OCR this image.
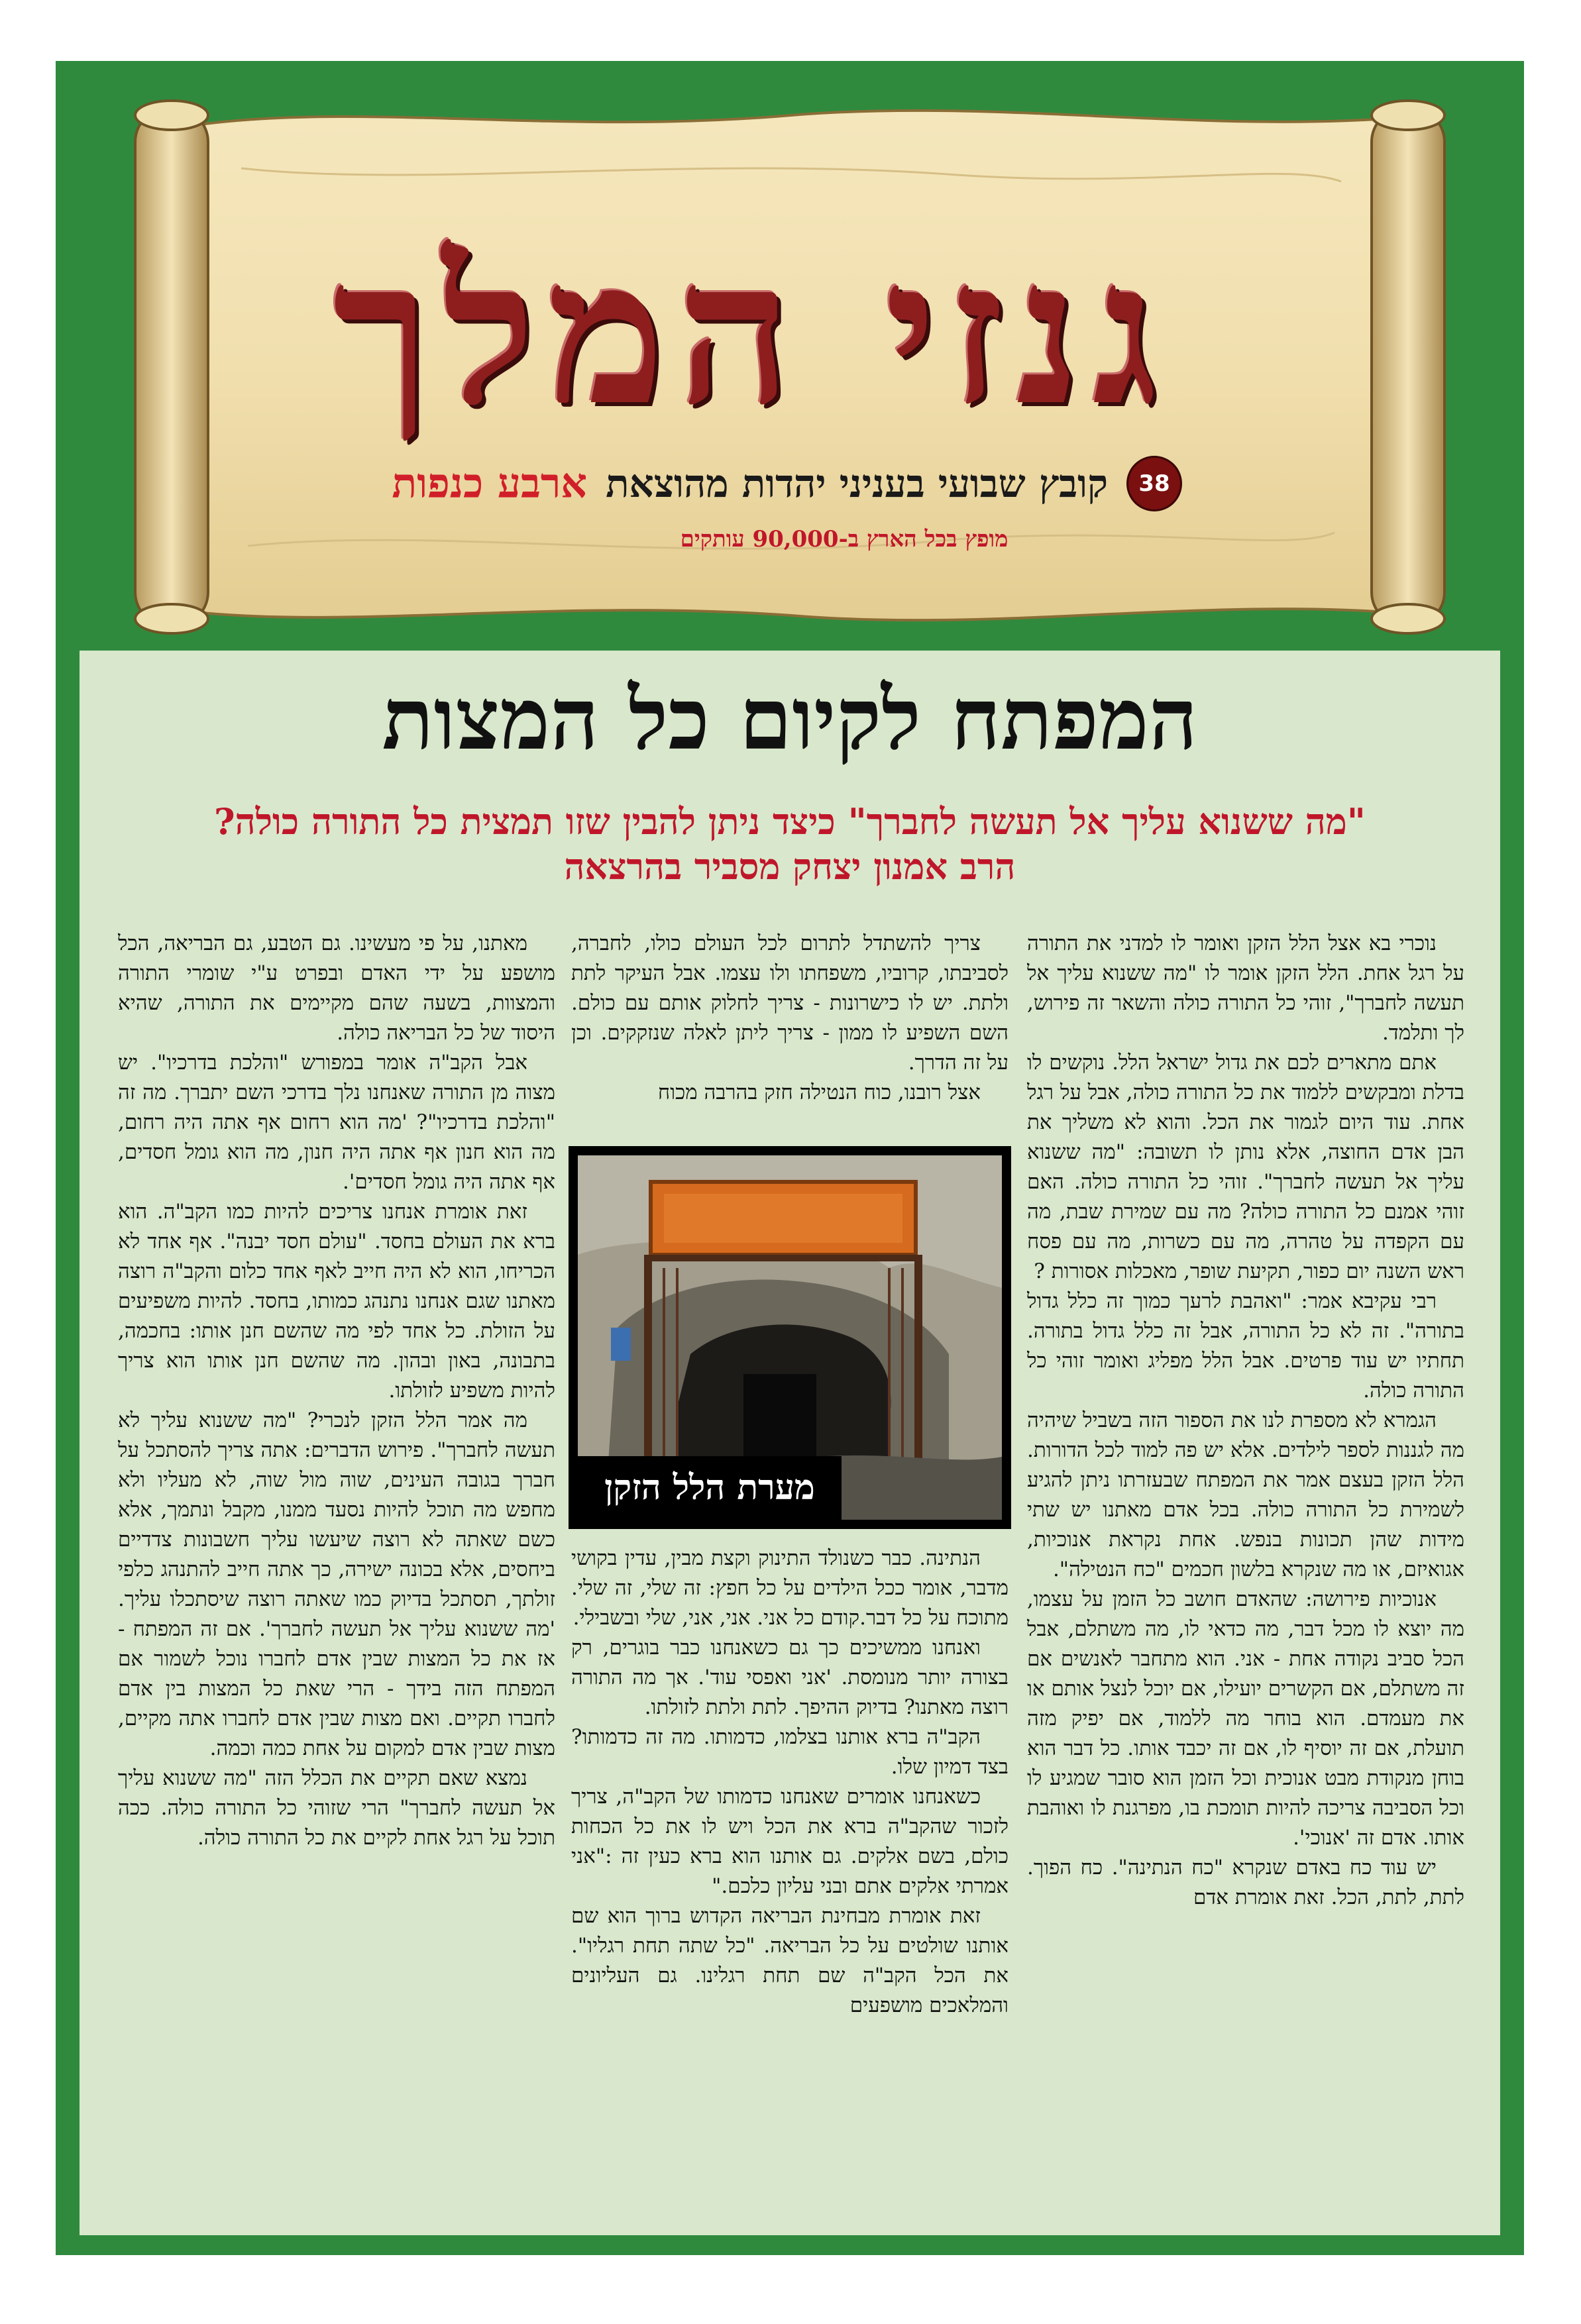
גנזי המלך
38
קובץ שבועי בעניני יהדות מהוצאת
ארבע כנפות
מופץ בכל הארץ ב-90,000 עותקים
המפתח לקיום כל המצות
"מה ששנוא עליך אל תעשה לחברך" כיצד ניתן להבין שזו תמצית כל התורה כולה?
הרב אמנון יצחק מסביר בהרצאה

נוכרי בא אצל הלל הזקן ואומר לו למדני את התורה על רגל אחת. הלל הזקן אומר לו "מה ששנוא עליך אל תעשה לחברך", זוהי כל התורה כולה והשאר זה פירוש, לך ותלמד.

אתם מתארים לכם את גדול ישראל הלל. נוקשים לו בדלת ומבקשים ללמוד את כל התורה כולה, אבל על רגל אחת. עוד היום לגמור את הכל. והוא לא משליך את הבן אדם החוצה, אלא נותן לו תשובה: "מה ששנוא עליך אל תעשה לחברך". זוהי כל התורה כולה. האם זוהי אמנם כל התורה כולה? מה עם שמירת שבת, מה עם הקפדה על טהרה, מה עם כשרות, מה עם פסח ראש השנה יום כפור, תקיעת שופר, מאכלות אסורות ?

רבי עקיבא אמר: "ואהבת לרעך כמוך זה כלל גדול בתורה". זה לא כל התורה, אבל זה כלל גדול בתורה. תחתיו יש עוד פרטים. אבל הלל מפליג ואומר זוהי כל התורה כולה.

הגמרא לא מספרת לנו את הספור הזה בשביל שיהיה מה לגננות לספר לילדים. אלא יש פה למוד לכל הדורות. הלל הזקן בעצם אמר את המפתח שבעזרתו ניתן להגיע לשמירת כל התורה כולה. בכל אדם מאתנו יש שתי מידות שהן תכונות בנפש. אחת נקראת אנוכיות, אגואיזם, או מה שנקרא בלשון חכמים "כח הנטילה".

אנוכיות פירושה: שהאדם חושב כל הזמן על עצמו, מה יוצא לו מכל דבר, מה כדאי לו, מה משתלם, אבל הכל סביב נקודה אחת - אני. הוא מתחבר לאנשים אם זה משתלם, אם הקשרים יועילו, אם יוכל לנצל אותם או את מעמדם. הוא בוחר מה ללמוד, אם יפיק מזה תועלת, אם זה יוסיף לו, אם זה יכבד אותו. כל דבר הוא בוחן מנקודת מבט אנוכית וכל הזמן הוא סובר שמגיע לו וכל הסביבה צריכה להיות תומכת בו, מפרגנת לו ואוהבת אותו. אדם זה 'אנוכי'.

יש עוד כח באדם שנקרא "כח הנתינה". כח הפוך. לתת, לתת, הכל. זאת אומרת אדם

צריך להשתדל לתרום לכל העולם כולו, לחברה, לסביבתו, קרוביו, משפחתו ולו עצמו. אבל העיקר לתת ולתת. יש לו כישרונות - צריך לחלוק אותם עם כולם. השם השפיע לו ממון - צריך ליתן לאלה שנזקקים. וכן על זה הדרך.

אצל רובנו, כוח הנטילה חזק בהרבה מכוח

מערת הלל הזקן

הנתינה. כבר כשנולד התינוק וקצת מבין, עדין בקושי מדבר, אומר ככל הילדים על כל חפץ: זה שלי, זה שלי. מתוכח על כל דבר.קודם כל אני. אני, אני, שלי ובשבילי.

ואנחנו ממשיכים כך גם כשאנחנו כבר בוגרים, רק בצורה יותר מנומסת. 'אני ואפסי עוד'. אך מה התורה רוצה מאתנו? בדיוק ההיפך. לתת ולתת לזולתו.

הקב"ה ברא אותנו בצלמו, כדמותו. מה זה כדמותו? בצד דמיון שלו.

כשאנחנו אומרים שאנחנו כדמותו של הקב"ה, צריך לזכור שהקב"ה ברא את הכל ויש לו את כל הכחות כולם, בשם אלקים. גם אותנו הוא ברא כעין זה :"אני אמרתי אלקים אתם ובני עליון כלכם."

זאת אומרת מבחינת הבריאה הקדוש ברוך הוא שם אותנו שולטים על כל הבריאה. "כל שתה תחת רגליו". את הכל הקב"ה שם תחת רגלינו. גם העליונים והמלאכים מושפעים

מאתנו, על פי מעשינו. גם הטבע, גם הבריאה, הכל מושפע על ידי האדם ובפרט ע"י שומרי התורה והמצוות, בשעה שהם מקיימים את התורה, שהיא היסוד של כל הבריאה כולה.

אבל הקב"ה אומר במפורש "והלכת בדרכיו". יש מצוה מן התורה שאנחנו נלך בדרכי השם יתברך. מה זה "והלכת בדרכיו"? 'מה הוא רחום אף אתה היה רחום, מה הוא חנון אף אתה היה חנון, מה הוא גומל חסדים, אף אתה היה גומל חסדים'.

זאת אומרת אנחנו צריכים להיות כמו הקב"ה. הוא ברא את העולם בחסד. "עולם חסד יבנה". אף אחד לא הכריחו, הוא לא היה חייב לאף אחד כלום והקב"ה רוצה מאתנו שגם אנחנו נתנהג כמותו, בחסד. להיות משפיעים על הזולת. כל אחד לפי מה שהשם חנן אותו: בחכמה, בתבונה, באון ובהון. מה שהשם חנן אותו הוא צריך להיות משפיע לזולתו.

מה אמר הלל הזקן לנכרי? "מה ששנוא עליך לא תעשה לחברך". פירוש הדברים: אתה צריך להסתכל על חברך בגובה העינים, שוה מול שוה, לא מעליו ולא מחפש מה תוכל להיות נסעד ממנו, מקבל ונתמך, אלא כשם שאתה לא רוצה שיעשו עליך חשבונות צדדיים ביחסים, אלא בכונה ישירה, כך אתה חייב להתנהג כלפי זולתך, תסתכל בדיוק כמו שאתה רוצה שיסתכלו עליך. 'מה ששנוא עליך אל תעשה לחברך'. אם זה המפתח - אז את כל המצות שבין אדם לחברו נוכל לשמור אם המפתח הזה בידך - הרי שאת כל המצות בין אדם לחברו תקיים. ואם מצות שבין אדם לחברו אתה מקיים, מצות שבין אדם למקום על אחת כמה וכמה.

נמצא שאם תקיים את הכלל הזה "מה ששנוא עליך אל תעשה לחברך" הרי שזוהי כל התורה כולה. ככה תוכל על רגל אחת לקיים את כל התורה כולה.
